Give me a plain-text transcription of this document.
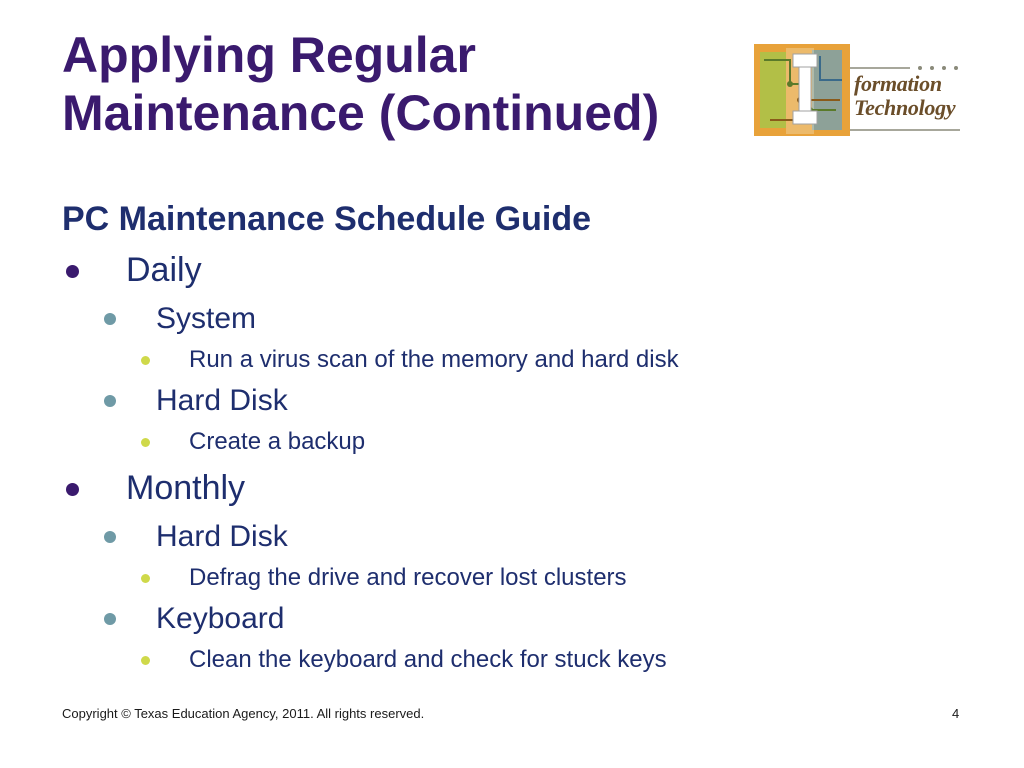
Applying Regular
Maintenance (Continued)
formation
Technology
PC Maintenance Schedule Guide
Daily
System
Run a virus scan of the memory and hard disk
Hard Disk
Create a backup
Monthly
Hard Disk
Defrag the drive and recover lost clusters
Keyboard
Clean the keyboard and check for stuck keys
Copyright © Texas Education Agency, 2011. All rights reserved.	4
